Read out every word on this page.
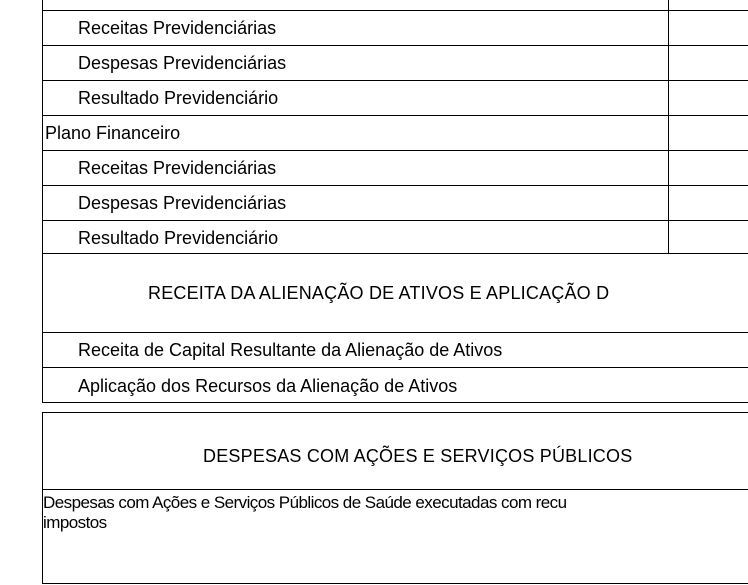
Receitas Previdenciárias
Despesas Previdenciárias
Resultado Previdenciário
Plano Financeiro
Receitas Previdenciárias
Despesas Previdenciárias
Resultado Previdenciário
RECEITA DA ALIENAÇÃO DE ATIVOS E APLICAÇÃO D
Receita de Capital Resultante da Alienação de Ativos
Aplicação dos Recursos da Alienação de Ativos
DESPESAS COM AÇÕES E SERVIÇOS PÚBLICOS
Despesas com Ações e Serviços Públicos de Saúde executadas com recu
impostos
